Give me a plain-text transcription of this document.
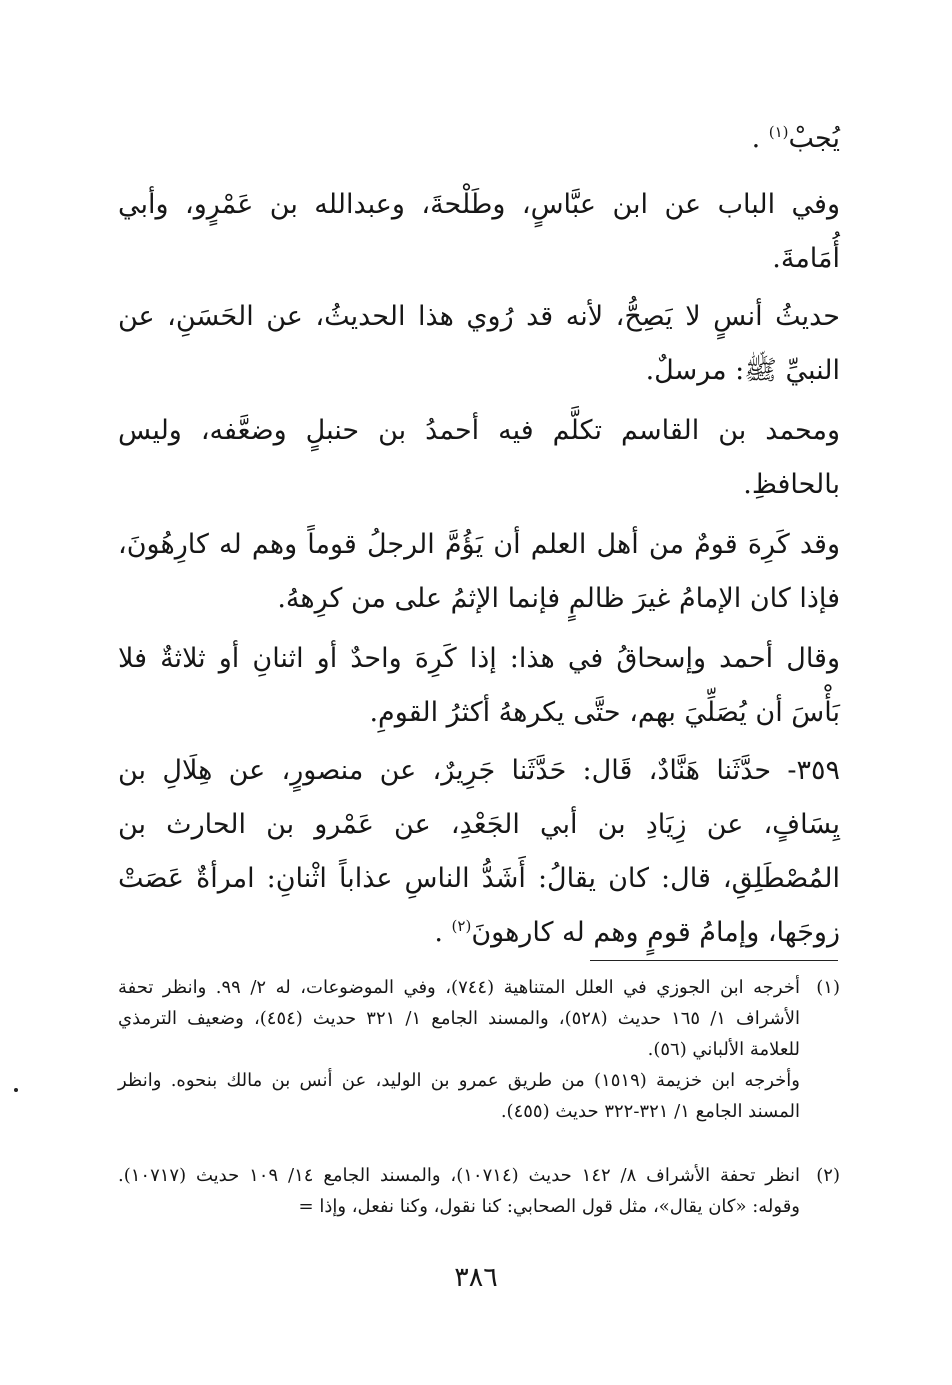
يُجبْ$^{(١)}$ .

وفي الباب عن ابن عبَّاسٍ، وطَلْحةَ، وعبدالله بن عَمْرٍو، وأبي أُمَامةَ.

حديثُ أنسٍ لا يَصِحُّ، لأنه قد رُوي هذا الحديثُ، عن الحَسَنِ، عن النبيِّ ﷺ: مرسلٌ.

ومحمد بن القاسم تكلَّم فيه أحمدُ بن حنبلٍ وضعَّفه، وليس بالحافظِ.

وقد كَرِهَ قومٌ من أهل العلم أن يَؤُمَّ الرجلُ قوماً وهم له كارِهُونَ، فإذا كان الإمامُ غيرَ ظالمٍ فإنما الإثمُ على من كرِههُ.

وقال أحمد وإسحاقُ في هذا: إذا كَرِهَ واحدٌ أو اثنانِ أو ثلاثةٌ فلا بَأْسَ أن يُصَلِّيَ بهم، حتَّى يكرههُ أكثرُ القومِ.

٣٥٩- حدَّثَنا هَنَّادٌ، قَال: حَدَّثَنا جَرِيرٌ، عن منصورٍ، عن هِلَالِ بن يِسَافٍ، عن زِيَادِ بن أبي الجَعْدِ، عن عَمْرو بن الحارث بن المُصْطَلِقِ، قال: كان يقالُ: أَشَدُّ الناسِ عذاباً اثْنانِ: امرأةٌ عَصَتْ زوجَها، وإمامُ قومٍ وهم له كارهونَ$^{(٢)}$ .

(١)
أخرجه ابن الجوزي في العلل المتناهية (٧٤٤)، وفي الموضوعات، له ٢/ ٩٩. وانظر تحفة الأشراف ١/ ١٦٥ حديث (٥٢٨)، والمسند الجامع ١/ ٣٢١ حديث (٤٥٤)، وضعيف الترمذي للعلامة الألباني (٥٦).
وأخرجه ابن خزيمة (١٥١٩) من طريق عمرو بن الوليد، عن أنس بن مالك بنحوه. وانظر المسند الجامع ١/ ٣٢١-٣٢٢ حديث (٤٥٥).
(٢)
انظر تحفة الأشراف ٨/ ١٤٢ حديث (١٠٧١٤)، والمسند الجامع ١٤/ ١٠٩ حديث (١٠٧١٧). وقوله: «كان يقال»، مثل قول الصحابي: كنا نقول، وكنا نفعل، وإذا =
٣٨٦
